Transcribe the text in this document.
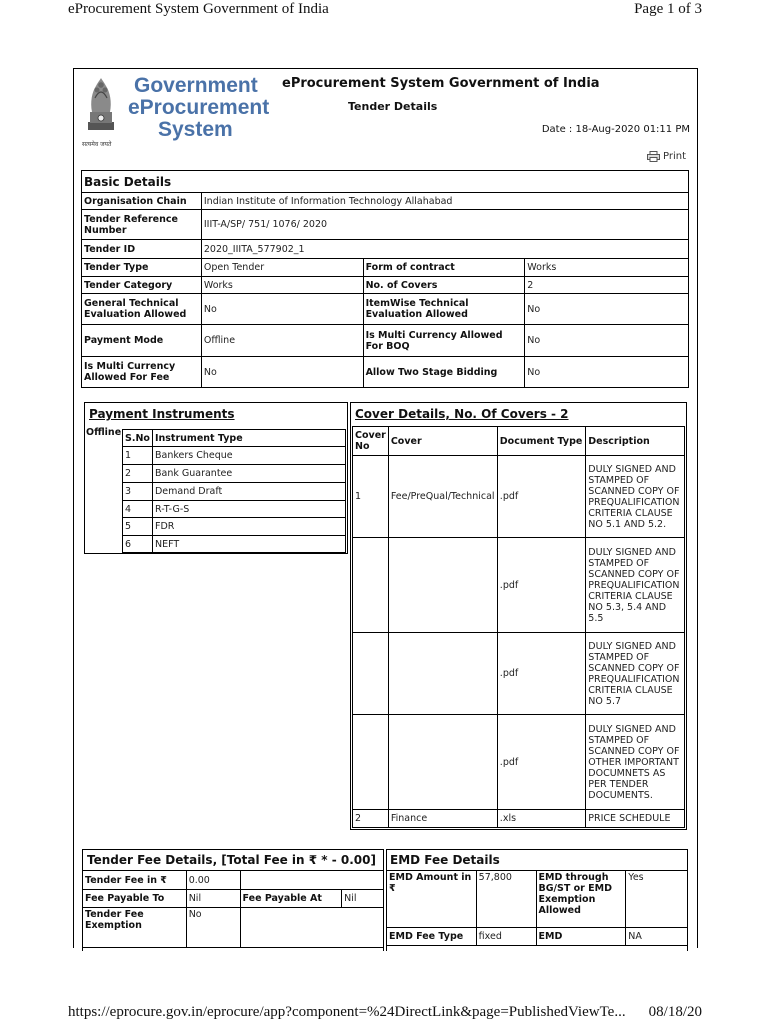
eProcurement System Government of India	Page 1 of 3
Government
eProcurement
System
सत्यमेव जयते
eProcurement System Government of India
Tender Details
Date : 18-Aug-2020 01:11 PM
Print
Basic Details			
Organisation Chain	Indian Institute of Information Technology Allahabad		
Tender Reference Number	IIIT-A/SP/ 751/ 1076/ 2020		
Tender ID	2020_IIITA_577902_1		
Tender Type	Open Tender	Form of contract	Works
Tender Category	Works	No. of Covers	2
General Technical Evaluation Allowed	No	ItemWise Technical Evaluation Allowed	No
Payment Mode	Offline	Is Multi Currency Allowed For BOQ	No
Is Multi Currency Allowed For Fee	No	Allow Two Stage Bidding	No
Payment Instruments
Offline S.No	Instrument Type
1	Bankers Cheque
2	Bank Guarantee
3	Demand Draft
4	R-T-G-S
5	FDR
6	NEFT
Cover Details, No. Of Covers - 2
Cover No	Cover	Document Type	Description
1	Fee/PreQual/Technical	.pdf	DULY SIGNED AND STAMPED OF SCANNED COPY OF PREQUALIFICATION CRITERIA CLAUSE NO 5.1 AND 5.2.
		.pdf	DULY SIGNED AND STAMPED OF SCANNED COPY OF PREQUALIFICATION CRITERIA CLAUSE NO 5.3, 5.4 AND 5.5
		.pdf	DULY SIGNED AND STAMPED OF SCANNED COPY OF PREQUALIFICATION CRITERIA CLAUSE NO 5.7
		.pdf	DULY SIGNED AND STAMPED OF SCANNED COPY OF OTHER IMPORTANT DOCUMNETS AS PER TENDER DOCUMENTS.
2	Finance	.xls	PRICE SCHEDULE
Tender Fee Details, [Total Fee in ₹ * - 0.00]
Tender Fee in ₹	0.00		
Fee Payable To	Nil	Fee Payable At	Nil
Tender Fee Exemption	No		
EMD Fee Details
EMD Amount in ₹	57,800	EMD through BG/ST or EMD Exemption Allowed	Yes
EMD Fee Type	fixed	EMD	NA
https://eprocure.gov.in/eprocure/app?component=%24DirectLink&page=PublishedViewTe... 08/18/20
